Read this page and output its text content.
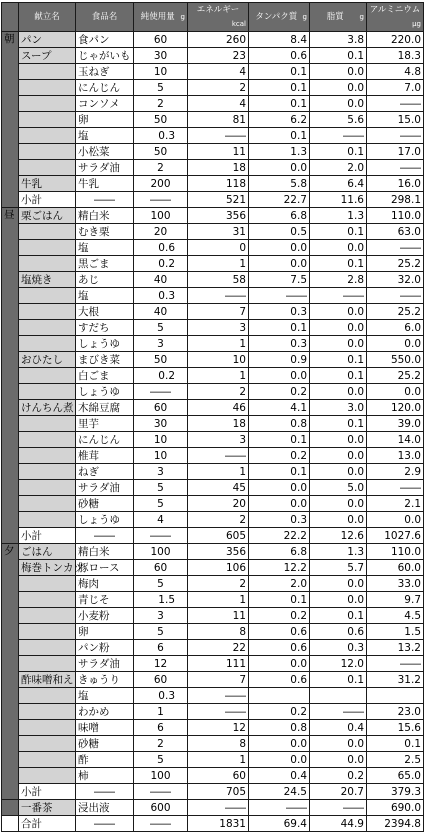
	献立名	食品名	純使用量 g	エネルギー
kcal	タンパク質 g	脂質 g	アルミニウム
μg

朝	パン	食パン	60	260	8.4	3.8	220.0
	スープ	じゃがいも	30	23	0.6	0.1	18.3
		玉ねぎ	10	4	0.1	0.0	4.8
		にんじん	5	2	0.1	0.0	7.0
		コンソメ	2	4	0.1	0.0	――
		卵	50	81	6.2	5.6	15.0
		塩	0.3	――	0.1	――	――
		小松菜	50	11	1.3	0.1	17.0
		サラダ油	2	18	0.0	2.0	――
	牛乳	牛乳	200	118	5.8	6.4	16.0
	小計	――	――	521	22.7	11.6	298.1
昼	栗ごはん	精白米	100	356	6.8	1.3	110.0
		むき栗	20	31	0.5	0.1	63.0
		塩	0.6	0	0.0	0.0	――
		黒ごま	0.2	1	0.0	0.1	25.2
	塩焼き	あじ	40	58	7.5	2.8	32.0
		塩	0.3	――	――	――	――
		大根	40	7	0.3	0.0	25.2
		すだち	5	3	0.1	0.0	6.0
		しょうゆ	3	1	0.3	0.0	0.0
	おひたし	まびき菜	50	10	0.9	0.1	550.0
		白ごま	0.2	1	0.0	0.1	25.2
		しょうゆ	――	2	0.2	0.0	0.0
	けんちん煮	木綿豆腐	60	46	4.1	3.0	120.0
		里芋	30	18	0.8	0.1	39.0
		にんじん	10	3	0.1	0.0	14.0
		椎茸	10	――	0.2	0.0	13.0
		ねぎ	3	1	0.1	0.0	2.9
		サラダ油	5	45	0.0	5.0	――
		砂糖	5	20	0.0	0.0	2.1
		しょうゆ	4	2	0.3	0.0	0.0
	小計	――	――	605	22.2	12.6	1027.6
夕	ごはん	精白米	100	356	6.8	1.3	110.0
	梅巻トンカツ	豚ロース	60	106	12.2	5.7	60.0
		梅肉	5	2	2.0	0.0	33.0
		青じそ	1.5	1	0.1	0.0	9.7
		小麦粉	3	11	0.2	0.1	4.5
		卵	5	8	0.6	0.6	1.5
		パン粉	6	22	0.6	0.3	13.2
		サラダ油	12	111	0.0	12.0	――
	酢味噌和え	きゅうり	60	7	0.6	0.1	31.2
		塩	0.3	――			
		わかめ	1	――	0.2	――	23.0
		味噌	6	12	0.8	0.4	15.6
		砂糖	2	8	0.0	0.0	0.1
		酢	5	1	0.0	0.0	2.5
		柿	100	60	0.4	0.2	65.0
	小計	――	――	705	24.5	20.7	379.3
	一番茶	浸出液	600	――	――	――	690.0
	合計	――	――	1831	69.4	44.9	2394.8
